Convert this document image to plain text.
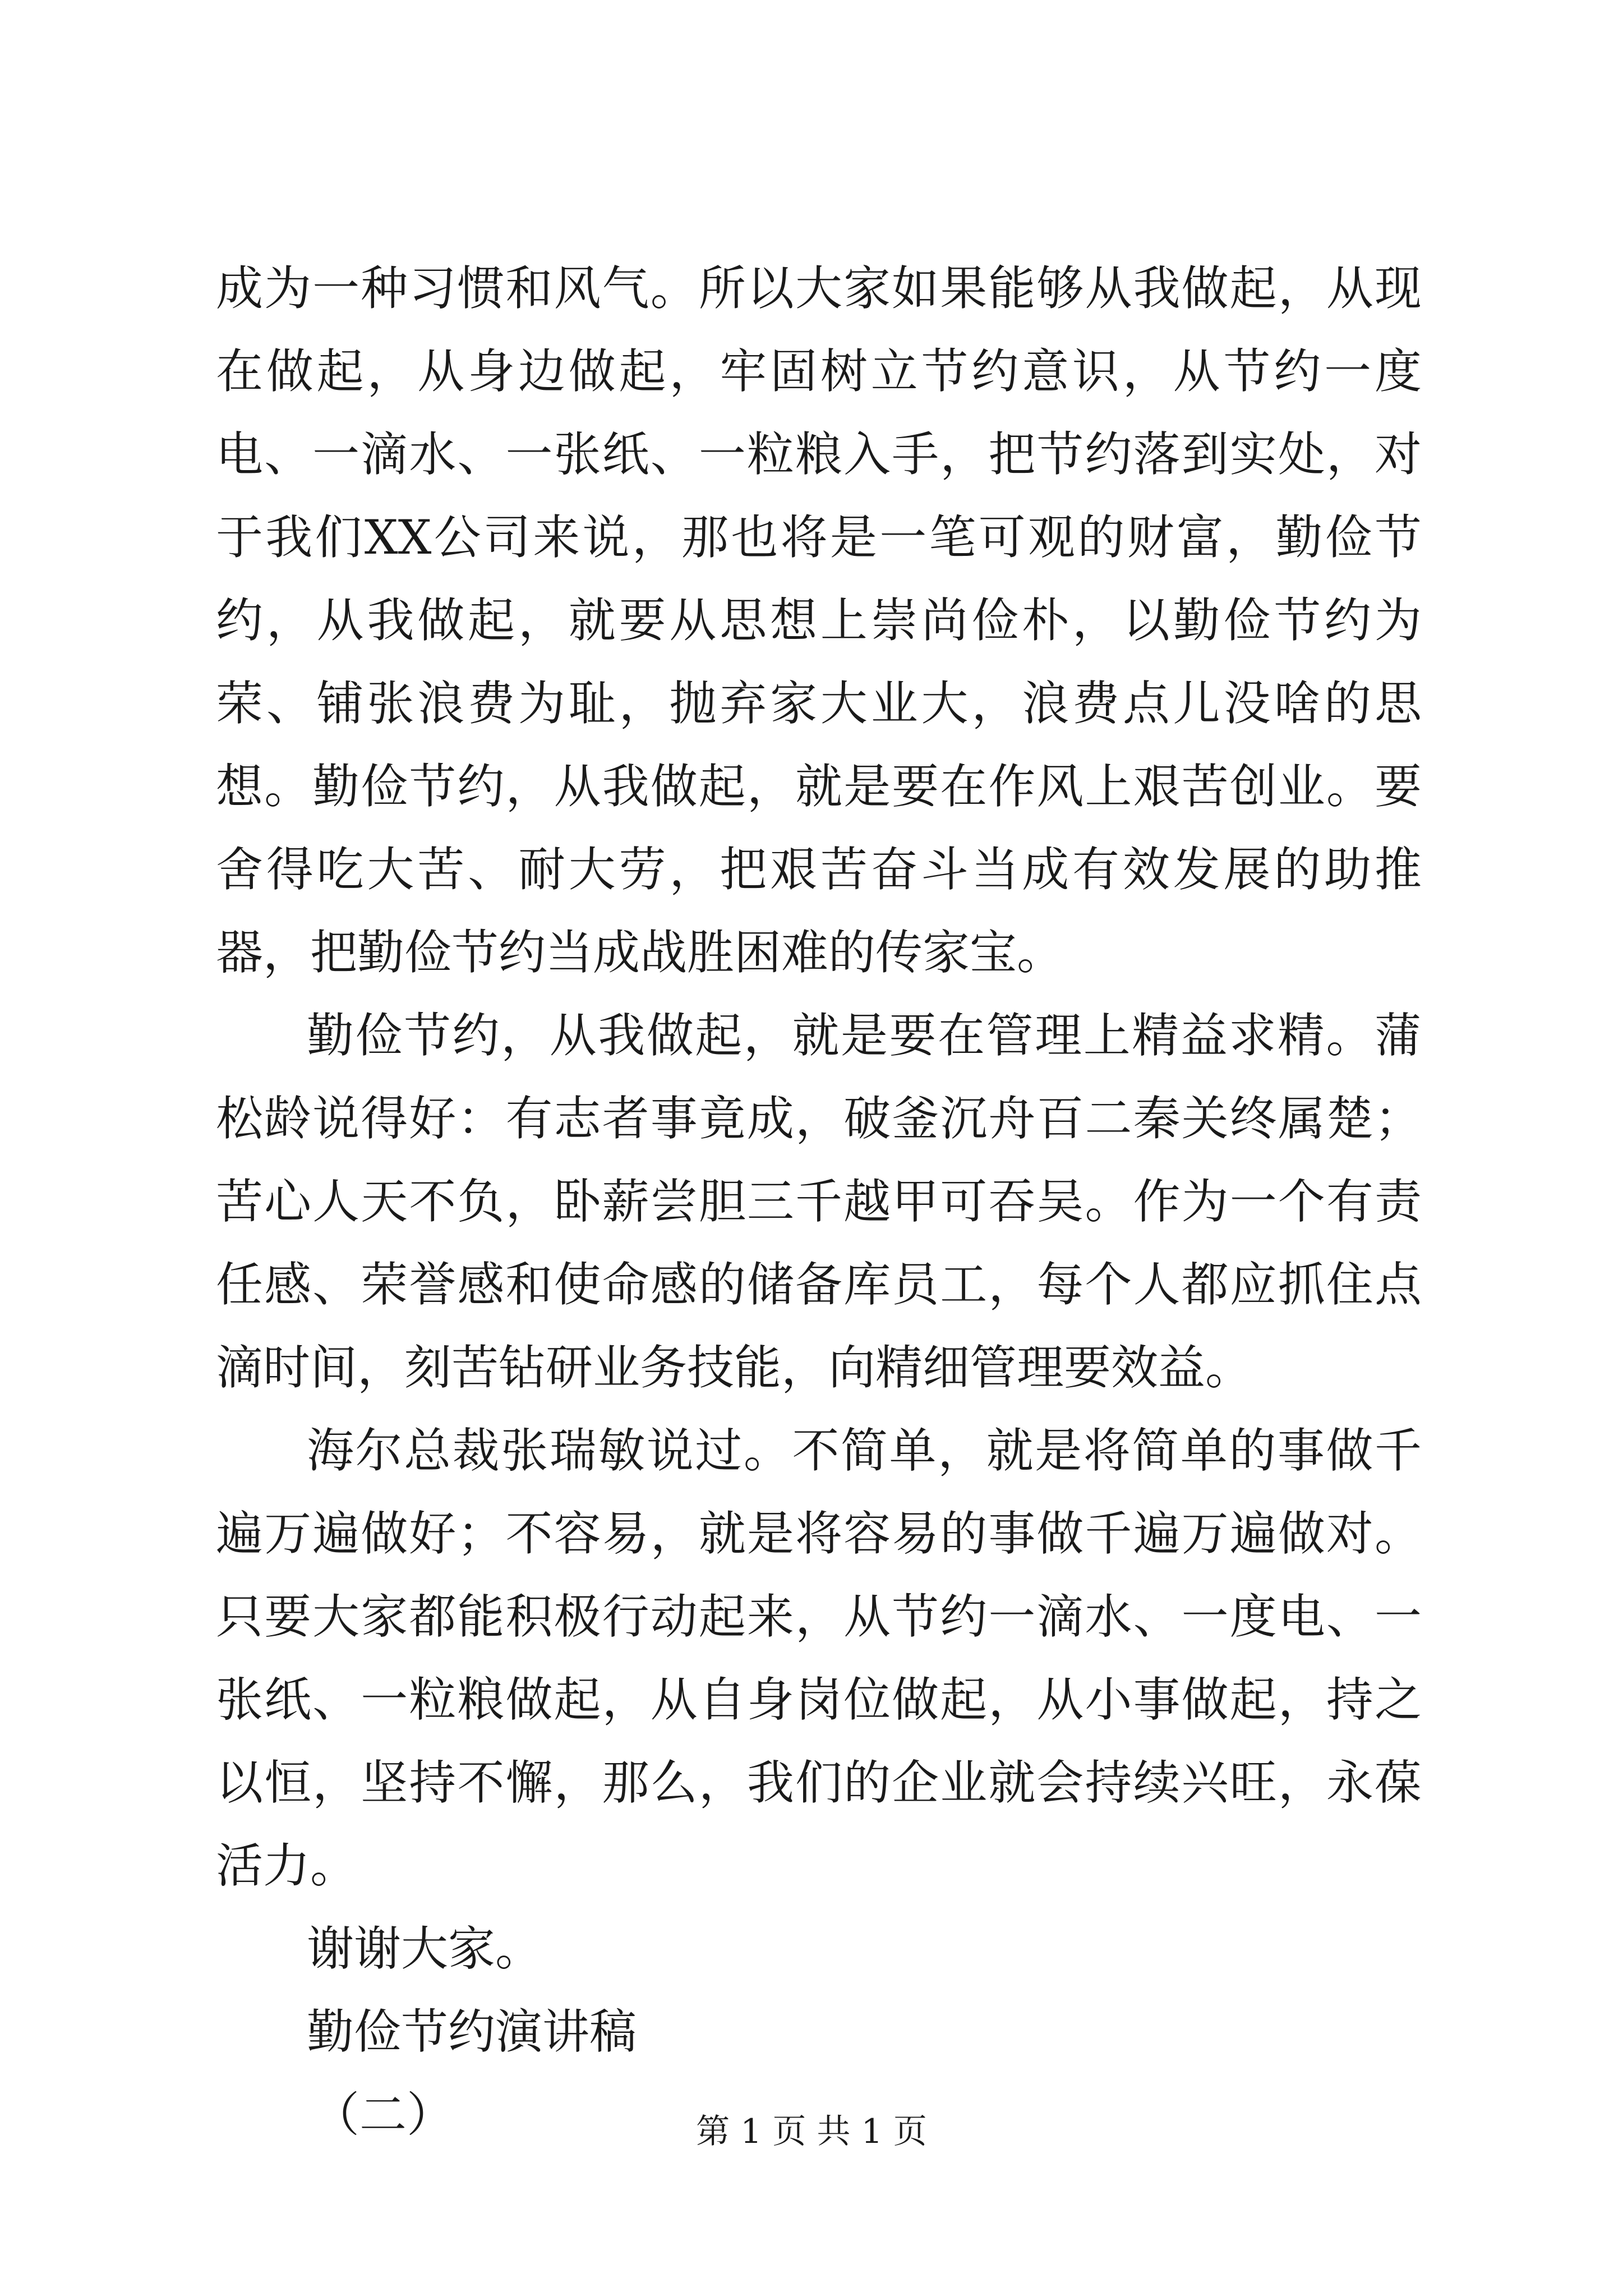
成为一种习惯和风气。所以大家如果能够从我做起，从现在做起，从身边做起，牢固树立节约意识，从节约一度电、一滴水、一张纸、一粒粮入手，把节约落到实处，对于我们XX公司来说，那也将是一笔可观的财富，勤俭节约，从我做起，就要从思想上崇尚俭朴，以勤俭节约为荣、铺张浪费为耻，抛弃家大业大，浪费点儿没啥的思想。勤俭节约，从我做起，就是要在作风上艰苦创业。要舍得吃大苦、耐大劳，把艰苦奋斗当成有效发展的助推器，把勤俭节约当成战胜困难的传家宝。

勤俭节约，从我做起，就是要在管理上精益求精。蒲松龄说得好：有志者事竟成，破釜沉舟百二秦关终属楚；苦心人天不负，卧薪尝胆三千越甲可吞吴。作为一个有责任感、荣誉感和使命感的储备库员工，每个人都应抓住点滴时间，刻苦钻研业务技能，向精细管理要效益。

海尔总裁张瑞敏说过。不简单，就是将简单的事做千遍万遍做好；不容易，就是将容易的事做千遍万遍做对。只要大家都能积极行动起来，从节约一滴水、一度电、一张纸、一粒粮做起，从自身岗位做起，从小事做起，持之以恒，坚持不懈，那么，我们的企业就会持续兴旺，永葆活力。

谢谢大家。

勤俭节约演讲稿

（二）	第 1 页 共 1 页
